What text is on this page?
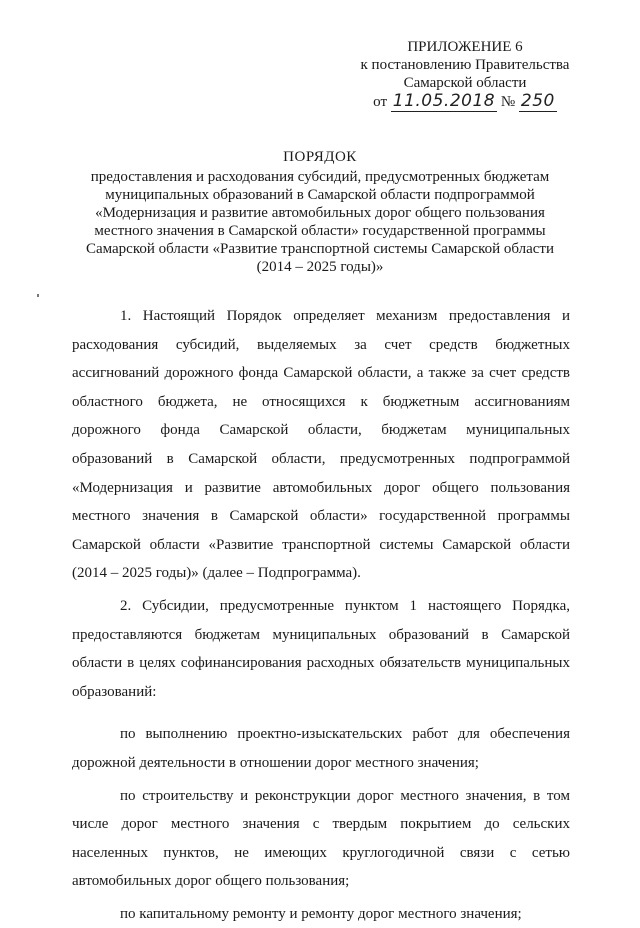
ПРИЛОЖЕНИЕ 6
к постановлению Правительства
Самарской области
от 11.05.2018 № 250
ПОРЯДОК
предоставления и расходования субсидий, предусмотренных бюджетам
муниципальных образований в Самарской области подпрограммой
«Модернизация и развитие автомобильных дорог общего пользования
местного значения в Самарской области» государственной программы
Самарской области «Развитие транспортной системы Самарской области
(2014 – 2025 годы)»

1. Настоящий Порядок определяет механизм предоставления и расходования субсидий, выделяемых за счет средств бюджетных ассигнований дорожного фонда Самарской области, а также за счет средств областного бюджета, не относящихся к бюджетным ассигнованиям дорожного фонда Самарской области, бюджетам муниципальных образований в Самарской области, предусмотренных подпрограммой «Модернизация и развитие автомобильных дорог общего пользования местного значения в Самарской области» государственной программы Самарской области «Развитие транспортной системы Самарской области (2014 – 2025 годы)» (далее – Подпрограмма).

2. Субсидии, предусмотренные пунктом 1 настоящего Порядка, предоставляются бюджетам муниципальных образований в Самарской области в целях софинансирования расходных обязательств муниципальных образований:

по выполнению проектно-изыскательских работ для обеспечения дорожной деятельности в отношении дорог местного значения;

по строительству и реконструкции дорог местного значения, в том числе дорог местного значения с твердым покрытием до сельских населенных пунктов, не имеющих круглогодичной связи с сетью автомобильных дорог общего пользования;

по капитальному ремонту и ремонту дорог местного значения;
